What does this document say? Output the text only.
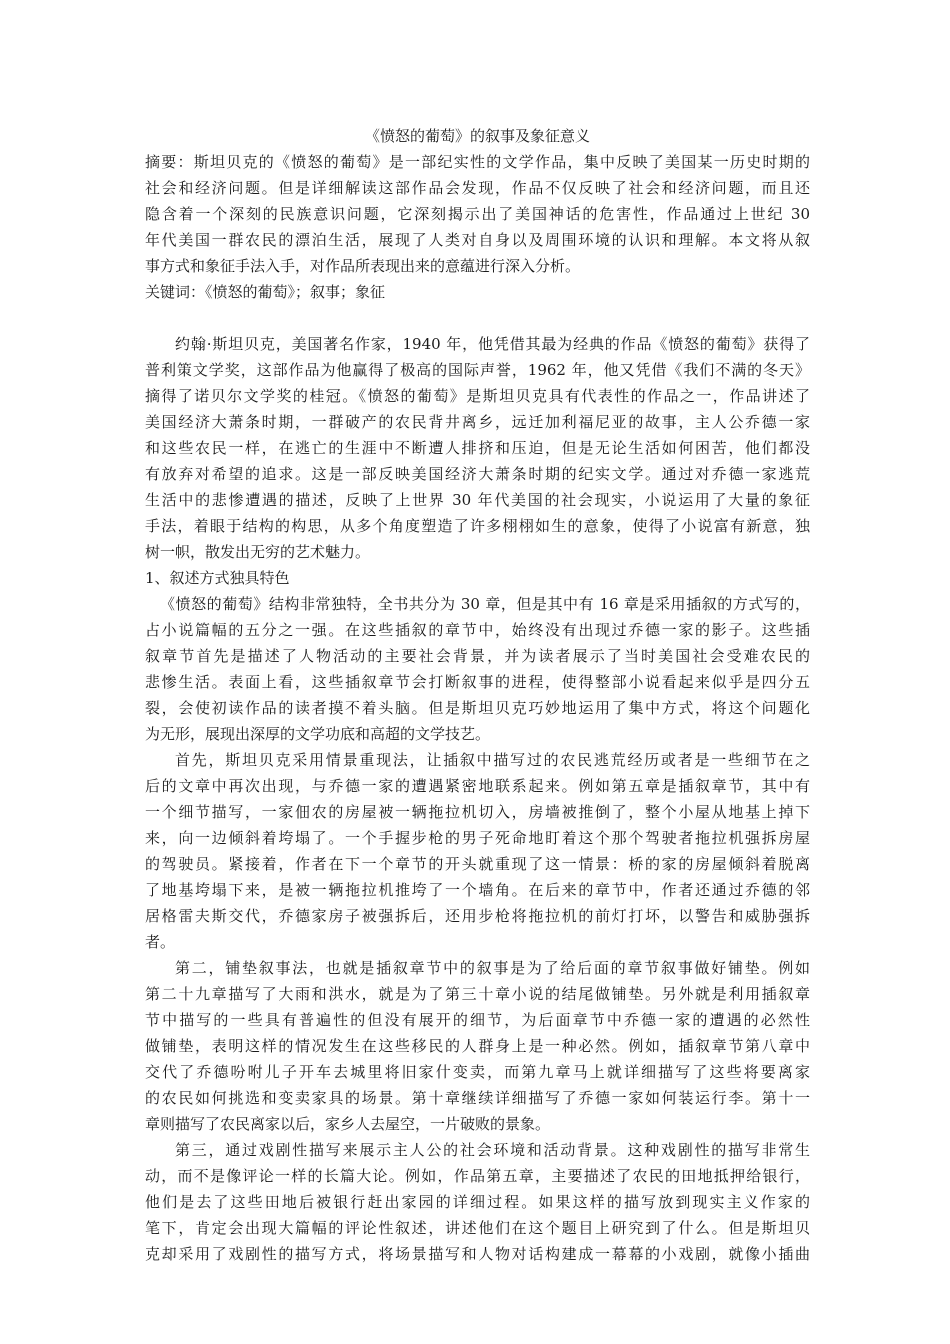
《愤怒的葡萄》的叙事及象征意义
摘要：斯坦贝克的《愤怒的葡萄》是一部纪实性的文学作品，集中反映了美国某一历史时期的
社会和经济问题。但是详细解读这部作品会发现，作品不仅反映了社会和经济问题，而且还
隐含着一个深刻的民族意识问题，它深刻揭示出了美国神话的危害性，作品通过上世纪 30
年代美国一群农民的漂泊生活，展现了人类对自身以及周围环境的认识和理解。本文将从叙
事方式和象征手法入手，对作品所表现出来的意蕴进行深入分析。
关键词：《愤怒的葡萄》；叙事；象征
约翰·斯坦贝克，美国著名作家，1940 年，他凭借其最为经典的作品《愤怒的葡萄》获得了
普利策文学奖，这部作品为他赢得了极高的国际声誉，1962 年，他又凭借《我们不满的冬天》
摘得了诺贝尔文学奖的桂冠。《愤怒的葡萄》是斯坦贝克具有代表性的作品之一，作品讲述了
美国经济大萧条时期，一群破产的农民背井离乡，远迁加利福尼亚的故事，主人公乔德一家
和这些农民一样，在逃亡的生涯中不断遭人排挤和压迫，但是无论生活如何困苦，他们都没
有放弃对希望的追求。这是一部反映美国经济大萧条时期的纪实文学。通过对乔德一家逃荒
生活中的悲惨遭遇的描述，反映了上世界 30 年代美国的社会现实，小说运用了大量的象征
手法，着眼于结构的构思，从多个角度塑造了许多栩栩如生的意象，使得了小说富有新意，独
树一帜，散发出无穷的艺术魅力。
1、叙述方式独具特色
《愤怒的葡萄》结构非常独特，全书共分为 30 章，但是其中有 16 章是采用插叙的方式写的，
占小说篇幅的五分之一强。在这些插叙的章节中，始终没有出现过乔德一家的影子。这些插
叙章节首先是描述了人物活动的主要社会背景，并为读者展示了当时美国社会受难农民的
悲惨生活。表面上看，这些插叙章节会打断叙事的进程，使得整部小说看起来似乎是四分五
裂，会使初读作品的读者摸不着头脑。但是斯坦贝克巧妙地运用了集中方式，将这个问题化
为无形，展现出深厚的文学功底和高超的文学技艺。
首先，斯坦贝克采用情景重现法，让插叙中描写过的农民逃荒经历或者是一些细节在之
后的文章中再次出现，与乔德一家的遭遇紧密地联系起来。例如第五章是插叙章节，其中有
一个细节描写，一家佃农的房屋被一辆拖拉机切入，房墙被推倒了，整个小屋从地基上掉下
来，向一边倾斜着垮塌了。一个手握步枪的男子死命地盯着这个那个驾驶者拖拉机强拆房屋
的驾驶员。紧接着，作者在下一个章节的开头就重现了这一情景：桥的家的房屋倾斜着脱离
了地基垮塌下来，是被一辆拖拉机推垮了一个墙角。在后来的章节中，作者还通过乔德的邻
居格雷夫斯交代，乔德家房子被强拆后，还用步枪将拖拉机的前灯打坏，以警告和威胁强拆
者。
第二，铺垫叙事法，也就是插叙章节中的叙事是为了给后面的章节叙事做好铺垫。例如
第二十九章描写了大雨和洪水，就是为了第三十章小说的结尾做铺垫。另外就是利用插叙章
节中描写的一些具有普遍性的但没有展开的细节，为后面章节中乔德一家的遭遇的必然性
做铺垫，表明这样的情况发生在这些移民的人群身上是一种必然。例如，插叙章节第八章中
交代了乔德吩咐儿子开车去城里将旧家什变卖，而第九章马上就详细描写了这些将要离家
的农民如何挑选和变卖家具的场景。第十章继续详细描写了乔德一家如何装运行李。第十一
章则描写了农民离家以后，家乡人去屋空，一片破败的景象。
第三，通过戏剧性描写来展示主人公的社会环境和活动背景。这种戏剧性的描写非常生
动，而不是像评论一样的长篇大论。例如，作品第五章，主要描述了农民的田地抵押给银行，
他们是去了这些田地后被银行赶出家园的详细过程。如果这样的描写放到现实主义作家的
笔下，肯定会出现大篇幅的评论性叙述，讲述他们在这个题目上研究到了什么。但是斯坦贝
克却采用了戏剧性的描写方式，将场景描写和人物对话构建成一幕幕的小戏剧，就像小插曲
